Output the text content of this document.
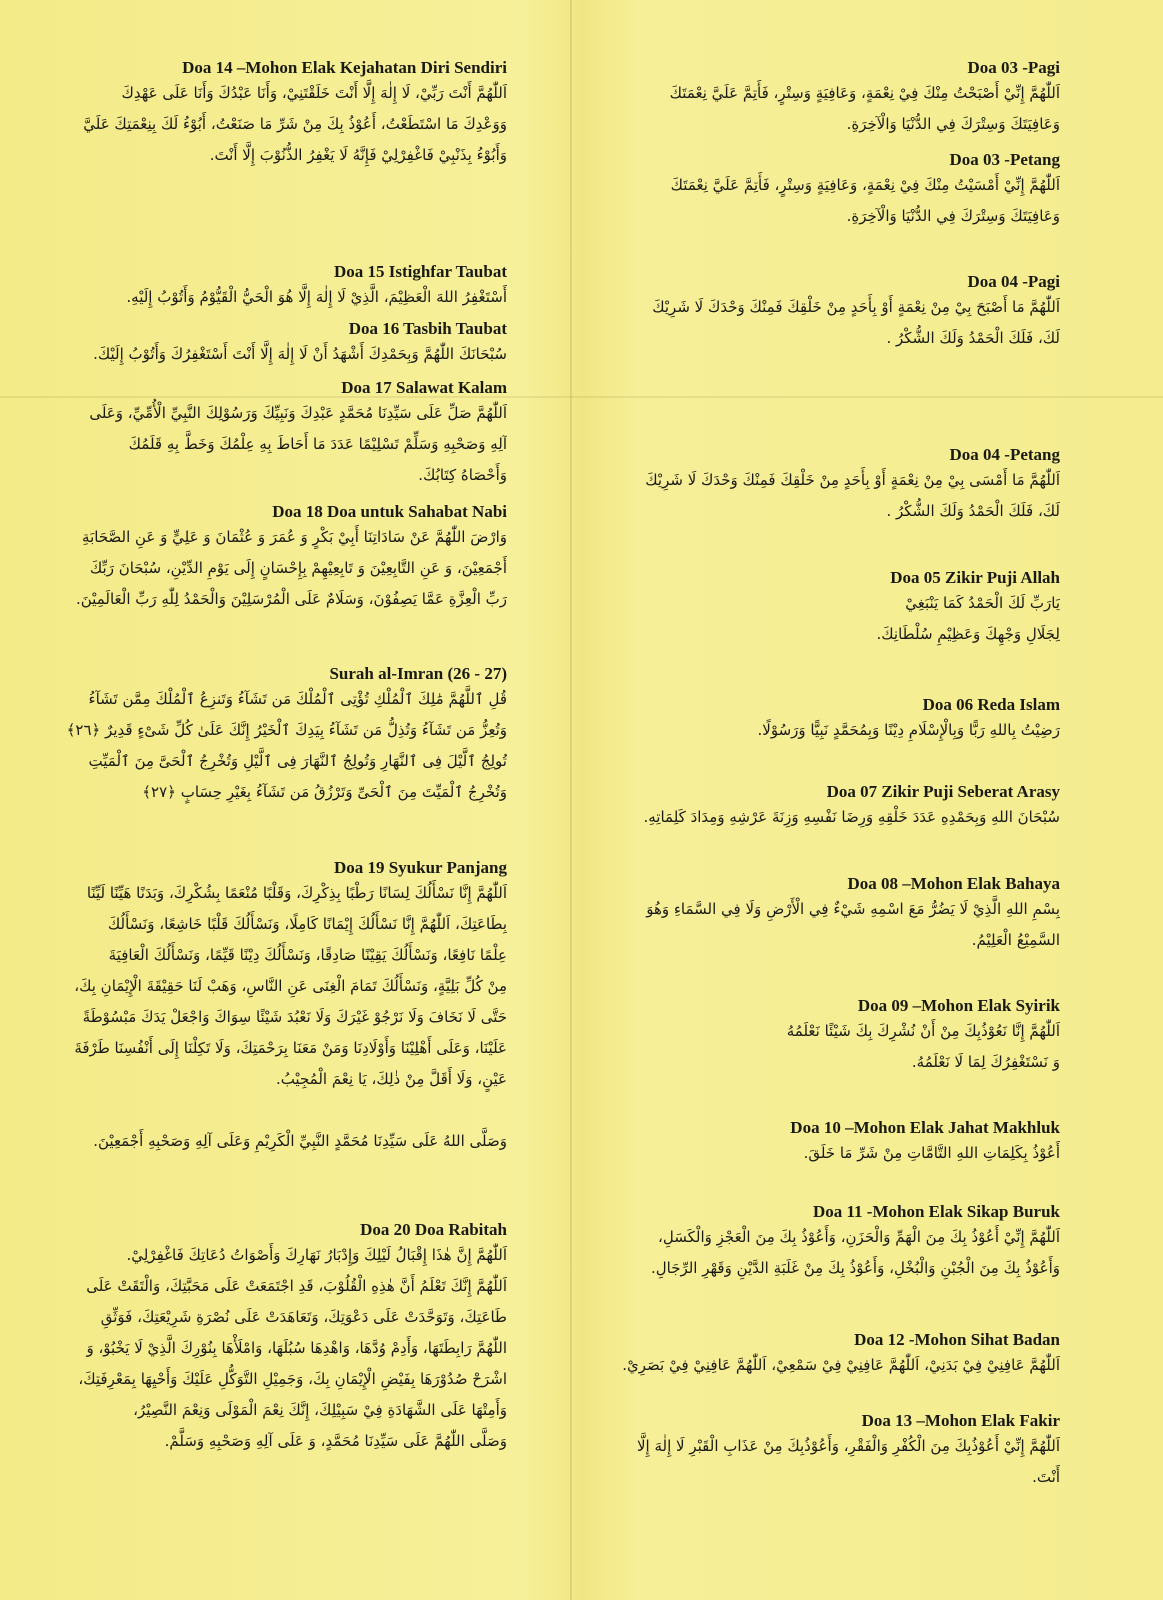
Doa 14 –Mohon Elak Kejahatan Diri Sendiri
اَللّٰهُمَّ أَنْتَ رَبِّيْ، لَا إِلٰهَ إِلَّا أَنْتَ خَلَقْتَنِيْ، وَأَنَا عَبْدُكَ وَأَنَا عَلَى عَهْدِكَ
وَوَعْدِكَ مَا اسْتَطَعْتُ، أَعُوْذُ بِكَ مِنْ شَرِّ مَا صَنَعْتُ، أَبُوْءُ لَكَ بِنِعْمَتِكَ عَلَيَّ
وَأَبُوْءُ بِذَنْبِيْ فَاغْفِرْلِيْ فَإِنَّهُ لَا يَغْفِرُ الذُّنُوْبَ إِلَّا أَنْتَ.
Doa 15 Istighfar Taubat
أَسْتَغْفِرُ اللهَ الْعَظِيْمَ، الَّذِيْ لَا إِلٰهَ إِلَّا هُوَ الْحَيُّ الْقَيُّوْمُ وَأَتُوْبُ إِلَيْهِ.
Doa 16 Tasbih Taubat
سُبْحَانَكَ اللّٰهُمَّ وَبِحَمْدِكَ أَشْهَدُ أَنْ لَا إِلٰهَ إِلَّا أَنْتَ أَسْتَغْفِرُكَ وَأَتُوْبُ إِلَيْكَ.
Doa 17 Salawat Kalam
اَللّٰهُمَّ صَلِّ عَلَى سَيِّدِنَا مُحَمَّدٍ عَبْدِكَ وَنَبِيِّكَ وَرَسُوْلِكَ النَّبِيِّ الْأُمِّيِّ، وَعَلَى
آلِهِ وَصَحْبِهِ وَسَلِّمْ تَسْلِيْمًا عَدَدَ مَا أَحَاطَ بِهِ عِلْمُكَ وَخَطَّ بِهِ قَلَمُكَ
وَأَحْصَاهُ كِتَابُكَ.
Doa 18 Doa untuk Sahabat Nabi
وَارْضَ اللّٰهُمَّ عَنْ سَادَاتِنَا أَبِيْ بَكْرٍ وَ عُمَرَ وَ عُثْمَانَ وَ عَلِيٍّ وَ عَنِ الصَّحَابَةِ
أَجْمَعِيْنَ، وَ عَنِ التَّابِعِيْنَ وَ تَابِعِيْهِمْ بِإِحْسَانٍ إِلَى يَوْمِ الدِّيْنِ، سُبْحَانَ رَبِّكَ
رَبِّ الْعِزَّةِ عَمَّا يَصِفُوْنَ، وَسَلَامٌ عَلَى الْمُرْسَلِيْنَ وَالْحَمْدُ لِلّٰهِ رَبِّ الْعَالَمِيْنَ.
Surah al-Imran (26 - 27)
قُلِ ٱللَّهُمَّ مَٰلِكَ ٱلْمُلْكِ تُؤْتِى ٱلْمُلْكَ مَن تَشَآءُ وَتَنزِعُ ٱلْمُلْكَ مِمَّن تَشَآءُ
وَتُعِزُّ مَن تَشَآءُ وَتُذِلُّ مَن تَشَآءُ بِيَدِكَ ٱلْخَيْرُ إِنَّكَ عَلَىٰ كُلِّ شَىْءٍ قَدِيرٌ ﴿٢٦﴾
تُولِجُ ٱلَّيْلَ فِى ٱلنَّهَارِ وَتُولِجُ ٱلنَّهَارَ فِى ٱلَّيْلِ وَتُخْرِجُ ٱلْحَىَّ مِنَ ٱلْمَيِّتِ
وَتُخْرِجُ ٱلْمَيِّتَ مِنَ ٱلْحَىِّ وَتَرْزُقُ مَن تَشَآءُ بِغَيْرِ حِسَابٍ ﴿٢٧﴾
Doa 19 Syukur Panjang
اَللّٰهُمَّ إِنَّا نَسْأَلُكَ لِسَانًا رَطْبًا بِذِكْرِكَ، وَقَلْبًا مُنْعَمًا بِشُكْرِكَ، وَبَدَنًا هَيِّنًا لَيِّنًا
بِطَاعَتِكَ، اَللّٰهُمَّ إِنَّا نَسْأَلُكَ إِيْمَانًا كَامِلًا، وَنَسْأَلُكَ قَلْبًا خَاشِعًا، وَنَسْأَلُكَ
عِلْمًا نَافِعًا، وَنَسْأَلُكَ يَقِيْنًا صَادِقًا، وَنَسْأَلُكَ دِيْنًا قَيِّمًا، وَنَسْأَلُكَ الْعَافِيَةَ
مِنْ كُلِّ بَلِيَّةٍ، وَنَسْأَلُكَ تَمَامَ الْغِنَى عَنِ النَّاسِ، وَهَبْ لَنَا حَقِيْقَةَ الْإِيْمَانِ بِكَ،
حَتَّى لَا نَخَافَ وَلَا نَرْجُوْ غَيْرَكَ وَلَا نَعْبُدَ شَيْئًا سِوَاكَ وَاجْعَلْ يَدَكَ مَبْسُوْطَةً
عَلَيْنَا، وَعَلَى أَهْلِيْنَا وَأَوْلَادِنَا وَمَنْ مَعَنَا بِرَحْمَتِكَ، وَلَا تَكِلْنَا إِلَى أَنْفُسِنَا طَرْفَةَ
عَيْنٍ، وَلَا أَقَلَّ مِنْ ذٰلِكَ، يَا نِعْمَ الْمُجِيْبُ.

وَصَلَّى اللهُ عَلَى سَيِّدِنَا مُحَمَّدٍ النَّبِيِّ الْكَرِيْمِ وَعَلَى آلِهِ وَصَحْبِهِ أَجْمَعِيْنَ.
Doa 20 Doa Rabitah
اَللّٰهُمَّ إِنَّ هٰذَا إِقْبَالُ لَيْلِكَ وَإِدْبَارُ نَهَارِكَ وَأَصْوَاتُ دُعَاتِكَ فَاغْفِرْلِيْ.
اَللّٰهُمَّ إِنَّكَ تَعْلَمُ أَنَّ هٰذِهِ الْقُلُوْبَ، قَدِ اجْتَمَعَتْ عَلَى مَحَبَّتِكَ، وَالْتَقَتْ عَلَى
طَاعَتِكَ، وَتَوَحَّدَتْ عَلَى دَعْوَتِكَ، وَتَعَاهَدَتْ عَلَى نُصْرَةِ شَرِيْعَتِكَ، فَوَثِّقِ
اللّٰهُمَّ رَابِطَتَهَا، وَأَدِمْ وُدَّهَا، وَاهْدِهَا سُبُلَهَا، وَامْلَأْهَا بِنُوْرِكَ الَّذِيْ لَا يَخْبُوْ، وَ
اشْرَحْ صُدُوْرَهَا بِفَيْضِ الْإِيْمَانِ بِكَ، وَجَمِيْلِ التَّوَكُّلِ عَلَيْكَ وَأَحْيِهَا بِمَعْرِفَتِكَ،
وَأَمِتْهَا عَلَى الشَّهَادَةِ فِيْ سَبِيْلِكَ، إِنَّكَ نِعْمَ الْمَوْلَى وَنِعْمَ النَّصِيْرُ،
وَصَلَّى اللّٰهُمَّ عَلَى سَيِّدِنَا مُحَمَّدٍ، وَ عَلَى آلِهِ وَصَحْبِهِ وَسَلَّمْ.
Doa 03 -Pagi
اَللّٰهُمَّ إِنِّيْ أَصْبَحْتُ مِنْكَ فِيْ نِعْمَةٍ، وَعَافِيَةٍ وَسِتْرٍ، فَأَتِمَّ عَلَيَّ نِعْمَتَكَ
وَعَافِيَتَكَ وَسِتْرَكَ فِي الدُّنْيَا وَالْآخِرَةِ.
Doa 03 -Petang
اَللّٰهُمَّ إِنِّيْ أَمْسَيْتُ مِنْكَ فِيْ نِعْمَةٍ، وَعَافِيَةٍ وَسِتْرٍ، فَأَتِمَّ عَلَيَّ نِعْمَتَكَ
وَعَافِيَتَكَ وَسِتْرَكَ فِي الدُّنْيَا وَالْآخِرَةِ.
Doa 04 -Pagi
اَللّٰهُمَّ مَا أَصْبَحَ بِيْ مِنْ نِعْمَةٍ أَوْ بِأَحَدٍ مِنْ خَلْقِكَ فَمِنْكَ وَحْدَكَ لَا شَرِيْكَ
لَكَ، فَلَكَ الْحَمْدُ وَلَكَ الشُّكْرُ .
Doa 04 -Petang
اَللّٰهُمَّ مَا أَمْسَى بِيْ مِنْ نِعْمَةٍ أَوْ بِأَحَدٍ مِنْ خَلْقِكَ فَمِنْكَ وَحْدَكَ لَا شَرِيْكَ
لَكَ، فَلَكَ الْحَمْدُ وَلَكَ الشُّكْرُ .
Doa 05 Zikir Puji Allah
يَارَبِّ لَكَ الْحَمْدُ كَمَا يَنْبَغِيْ
لِجَلَالِ وَجْهِكَ وَعَظِيْمِ سُلْطَانِكَ.
Doa 06 Reda Islam
رَضِيْتُ بِاللهِ رَبًّا وَبِالْإِسْلَامِ دِيْنًا وَبِمُحَمَّدٍ نَبِيًّا وَرَسُوْلًا.
Doa 07 Zikir Puji Seberat Arasy
سُبْحَانَ اللهِ وَبِحَمْدِهِ عَدَدَ خَلْقِهِ وَرِضَا نَفْسِهِ وَزِنَةَ عَرْشِهِ وَمِدَادَ كَلِمَاتِهِ.
Doa 08 –Mohon Elak Bahaya
بِسْمِ اللهِ الَّذِيْ لَا يَضُرُّ مَعَ اسْمِهِ شَيْءٌ فِي الْأَرْضِ وَلَا فِي السَّمَاءِ وَهُوَ
السَّمِيْعُ الْعَلِيْمُ.
Doa 09 –Mohon Elak Syirik
اَللّٰهُمَّ إِنَّا نَعُوْذُبِكَ مِنْ أَنْ نُشْرِكَ بِكَ شَيْئًا نَعْلَمُهُ
وَ نَسْتَغْفِرُكَ لِمَا لَا نَعْلَمُهُ.
Doa 10 –Mohon Elak Jahat Makhluk
أَعُوْذُ بِكَلِمَاتِ اللهِ التَّامَّاتِ مِنْ شَرِّ مَا خَلَقَ.
Doa 11 -Mohon Elak Sikap Buruk
اَللّٰهُمَّ إِنِّيْ أَعُوْذُ بِكَ مِنَ الْهَمِّ وَالْحَزَنِ، وَأَعُوْذُ بِكَ مِنَ الْعَجْزِ وَالْكَسَلِ،
وَأَعُوْذُ بِكَ مِنَ الْجُبْنِ وَالْبُخْلِ، وَأَعُوْذُ بِكَ مِنْ غَلَبَةِ الدَّيْنِ وَقَهْرِ الرِّجَالِ.
Doa 12 -Mohon Sihat Badan
اَللّٰهُمَّ عَافِنِيْ فِيْ بَدَنِيْ، اَللّٰهُمَّ عَافِنِيْ فِيْ سَمْعِيْ، اَللّٰهُمَّ عَافِنِيْ فِيْ بَصَرِيْ.
Doa 13 –Mohon Elak Fakir
اَللّٰهُمَّ إِنِّيْ أَعُوْذُبِكَ مِنَ الْكُفْرِ وَالْفَقْرِ، وَأَعُوْذُبِكَ مِنْ عَذَابِ الْقَبْرِ لَا إِلٰهَ إِلَّا
أَنْتَ.
